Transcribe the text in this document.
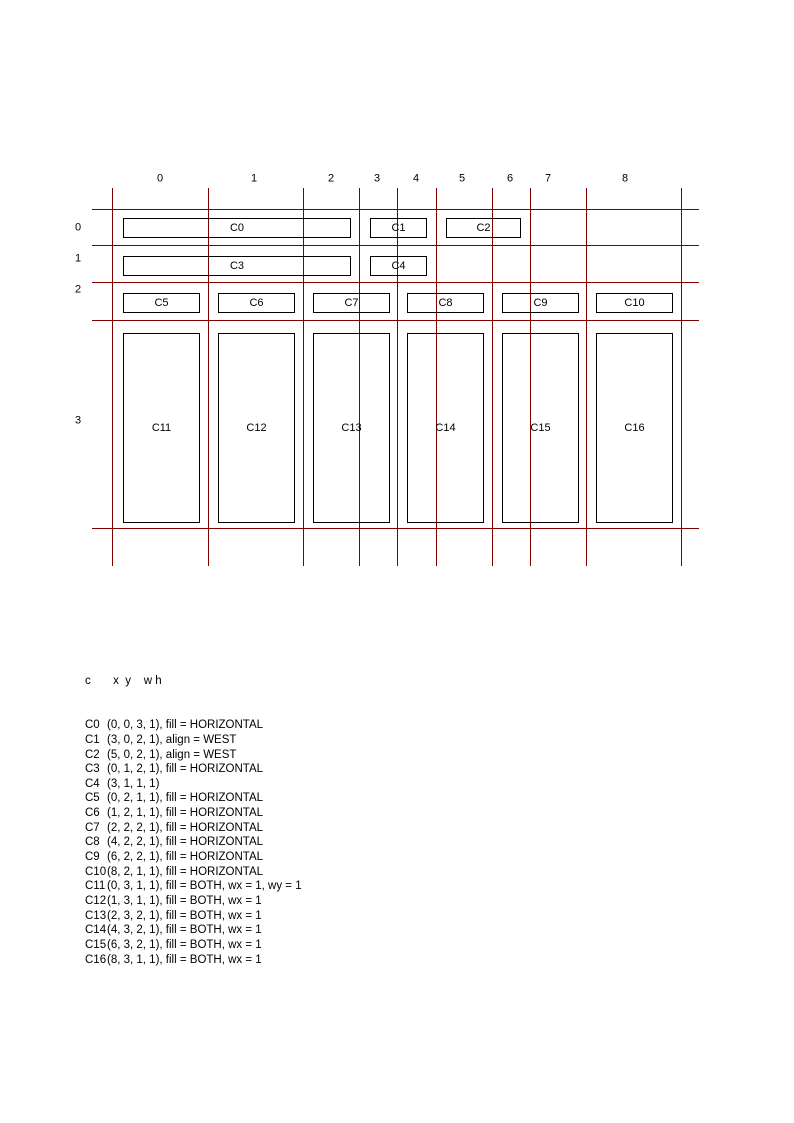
C0	C1	C2
C3	C4
C5	C6	C7	C8	C9	C10
C11	C12	C13	C14	C15	C16
0	1	2	3	4	5	6	7	8
0
1
2
3

c       x  y    w h

C0 (0, 0, 3, 1), fill = HORIZONTAL
C1 (3, 0, 2, 1), align = WEST
C2 (5, 0, 2, 1), align = WEST
C3 (0, 1, 2, 1), fill = HORIZONTAL
C4 (3, 1, 1, 1)
C5 (0, 2, 1, 1), fill = HORIZONTAL
C6 (1, 2, 1, 1), fill = HORIZONTAL
C7 (2, 2, 2, 1), fill = HORIZONTAL
C8 (4, 2, 2, 1), fill = HORIZONTAL
C9 (6, 2, 2, 1), fill = HORIZONTAL
C10(8, 2, 1, 1), fill = HORIZONTAL
C11 (0, 3, 1, 1), fill = BOTH, wx = 1, wy = 1
C12(1, 3, 1, 1), fill = BOTH, wx = 1
C13(2, 3, 2, 1), fill = BOTH, wx = 1
C14(4, 3, 2, 1), fill = BOTH, wx = 1
C15(6, 3, 2, 1), fill = BOTH, wx = 1
C16(8, 3, 1, 1), fill = BOTH, wx = 1
